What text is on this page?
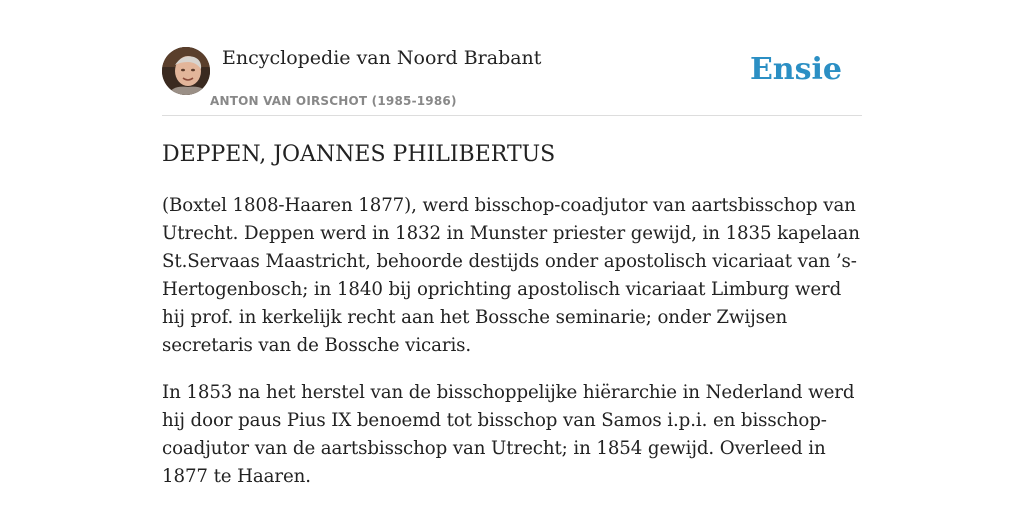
Encyclopedie van Noord Brabant
ANTON VAN OIRSCHOT (1985-1986)
Ensie
DEPPEN, JOANNES PHILIBERTUS

(Boxtel 1808-Haaren 1877), werd bisschop-coadjutor van aartsbisschop van Utrecht. Deppen werd in 1832 in Munster priester gewijd, in 1835 kapelaan St.Servaas Maastricht, behoorde destijds onder apostolisch vicariaat van ’s-Hertogenbosch; in 1840 bij oprichting apostolisch vicariaat Limburg werd hij prof. in kerkelijk recht aan het Bossche seminarie; onder Zwijsen secretaris van de Bossche vicaris.

In 1853 na het herstel van de bisschoppelijke hiërarchie in Nederland werd hij door paus Pius IX benoemd tot bisschop van Samos i.p.i. en bisschop-coadjutor van de aartsbisschop van Utrecht; in 1854 gewijd. Overleed in 1877 te Haaren.
